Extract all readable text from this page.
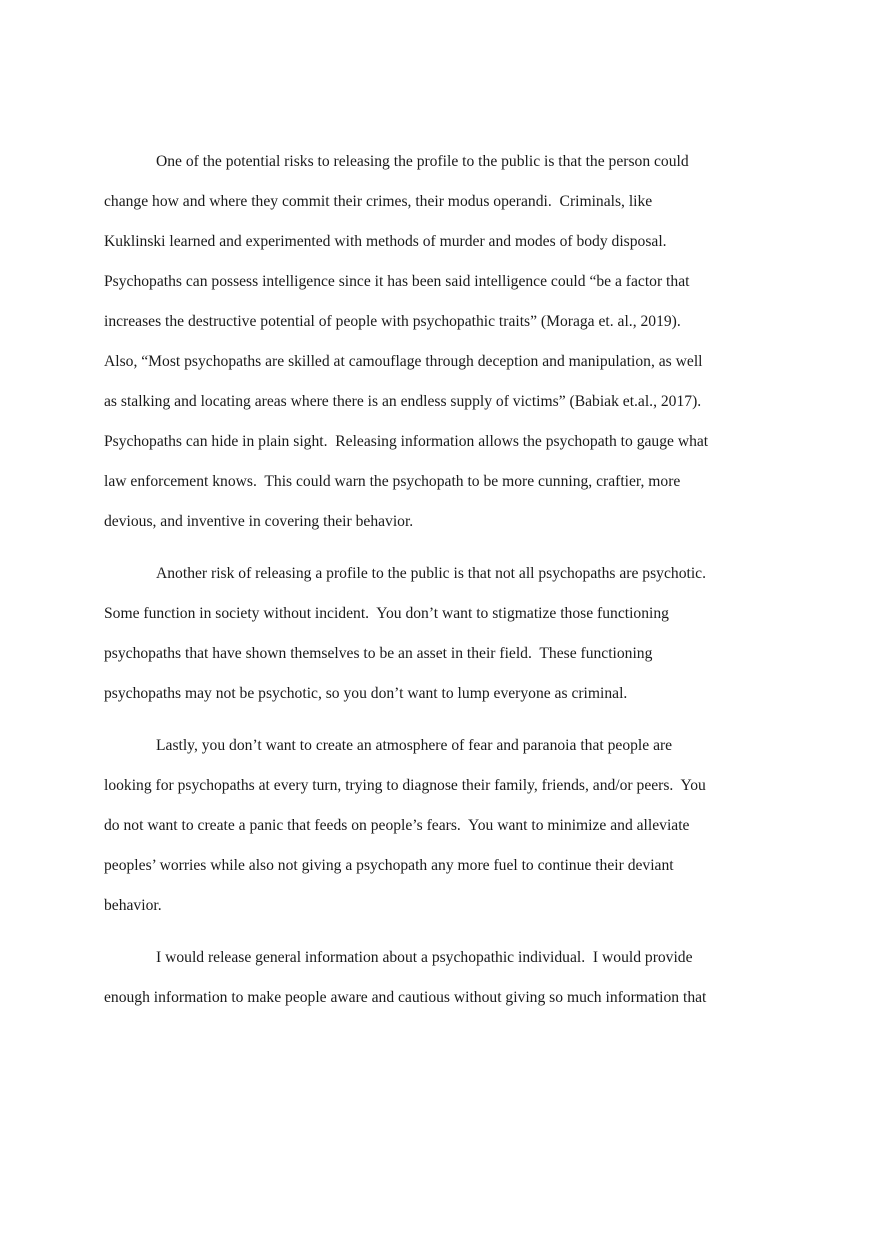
One of the potential risks to releasing the profile to the public is that the person could
change how and where they commit their crimes, their modus operandi.  Criminals, like
Kuklinski learned and experimented with methods of murder and modes of body disposal.
Psychopaths can possess intelligence since it has been said intelligence could “be a factor that
increases the destructive potential of people with psychopathic traits” (Moraga et. al., 2019).
Also, “Most psychopaths are skilled at camouflage through deception and manipulation, as well
as stalking and locating areas where there is an endless supply of victims” (Babiak et.al., 2017).
Psychopaths can hide in plain sight.  Releasing information allows the psychopath to gauge what
law enforcement knows.  This could warn the psychopath to be more cunning, craftier, more
devious, and inventive in covering their behavior.
Another risk of releasing a profile to the public is that not all psychopaths are psychotic.
Some function in society without incident.  You don’t want to stigmatize those functioning
psychopaths that have shown themselves to be an asset in their field.  These functioning
psychopaths may not be psychotic, so you don’t want to lump everyone as criminal.
Lastly, you don’t want to create an atmosphere of fear and paranoia that people are
looking for psychopaths at every turn, trying to diagnose their family, friends, and/or peers.  You
do not want to create a panic that feeds on people’s fears.  You want to minimize and alleviate
peoples’ worries while also not giving a psychopath any more fuel to continue their deviant
behavior.
I would release general information about a psychopathic individual.  I would provide
enough information to make people aware and cautious without giving so much information that
